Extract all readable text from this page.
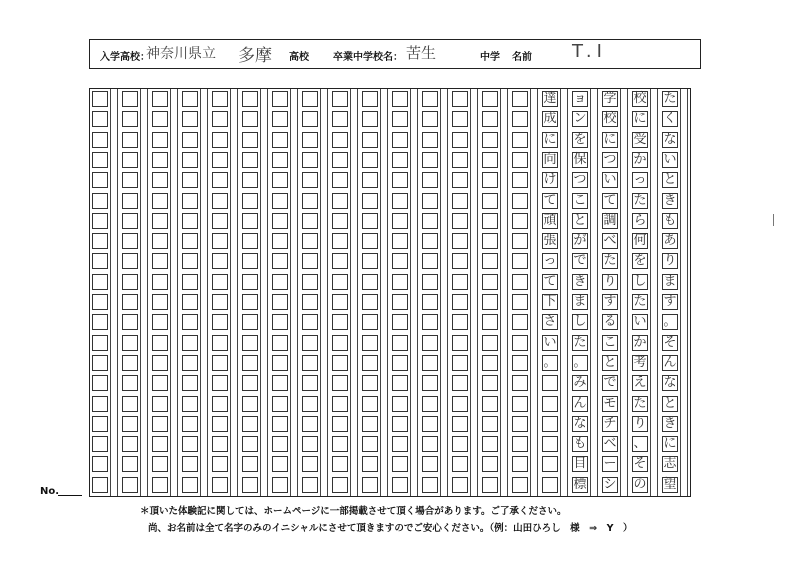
入学高校：
神奈川県立 多摩 高校 卒業中学校名： 苦生	中学 名前 T.I
達
成
に
向
け
て
頑
張
っ
て
下
さ
い
。
ョ
ン
を
保
つ
こ
と
が
で
き
ま
し
た
。
み
ん
な
も
目
標
学
校
に
つ
い
て
調
べ
た
り
す
る
こ
と
で
モ
チ
ベ
ー
シ
校
に
受
か
っ
た
ら
何
を
し
た
い
か
考
え
た
り
、
そ
の
た
く
な
い
と
き
も
あ
り
ま
す
。
そ
ん
な
と
き
に
志
望
No.
＊頂いた体験記に関しては、ホームページに一部掲載させて頂く場合があります。ご了承ください。
尚、お名前は全て名字のみのイニシャルにさせて頂きますのでご安心ください。（例：山田ひろし　様　⇒　Y　）
